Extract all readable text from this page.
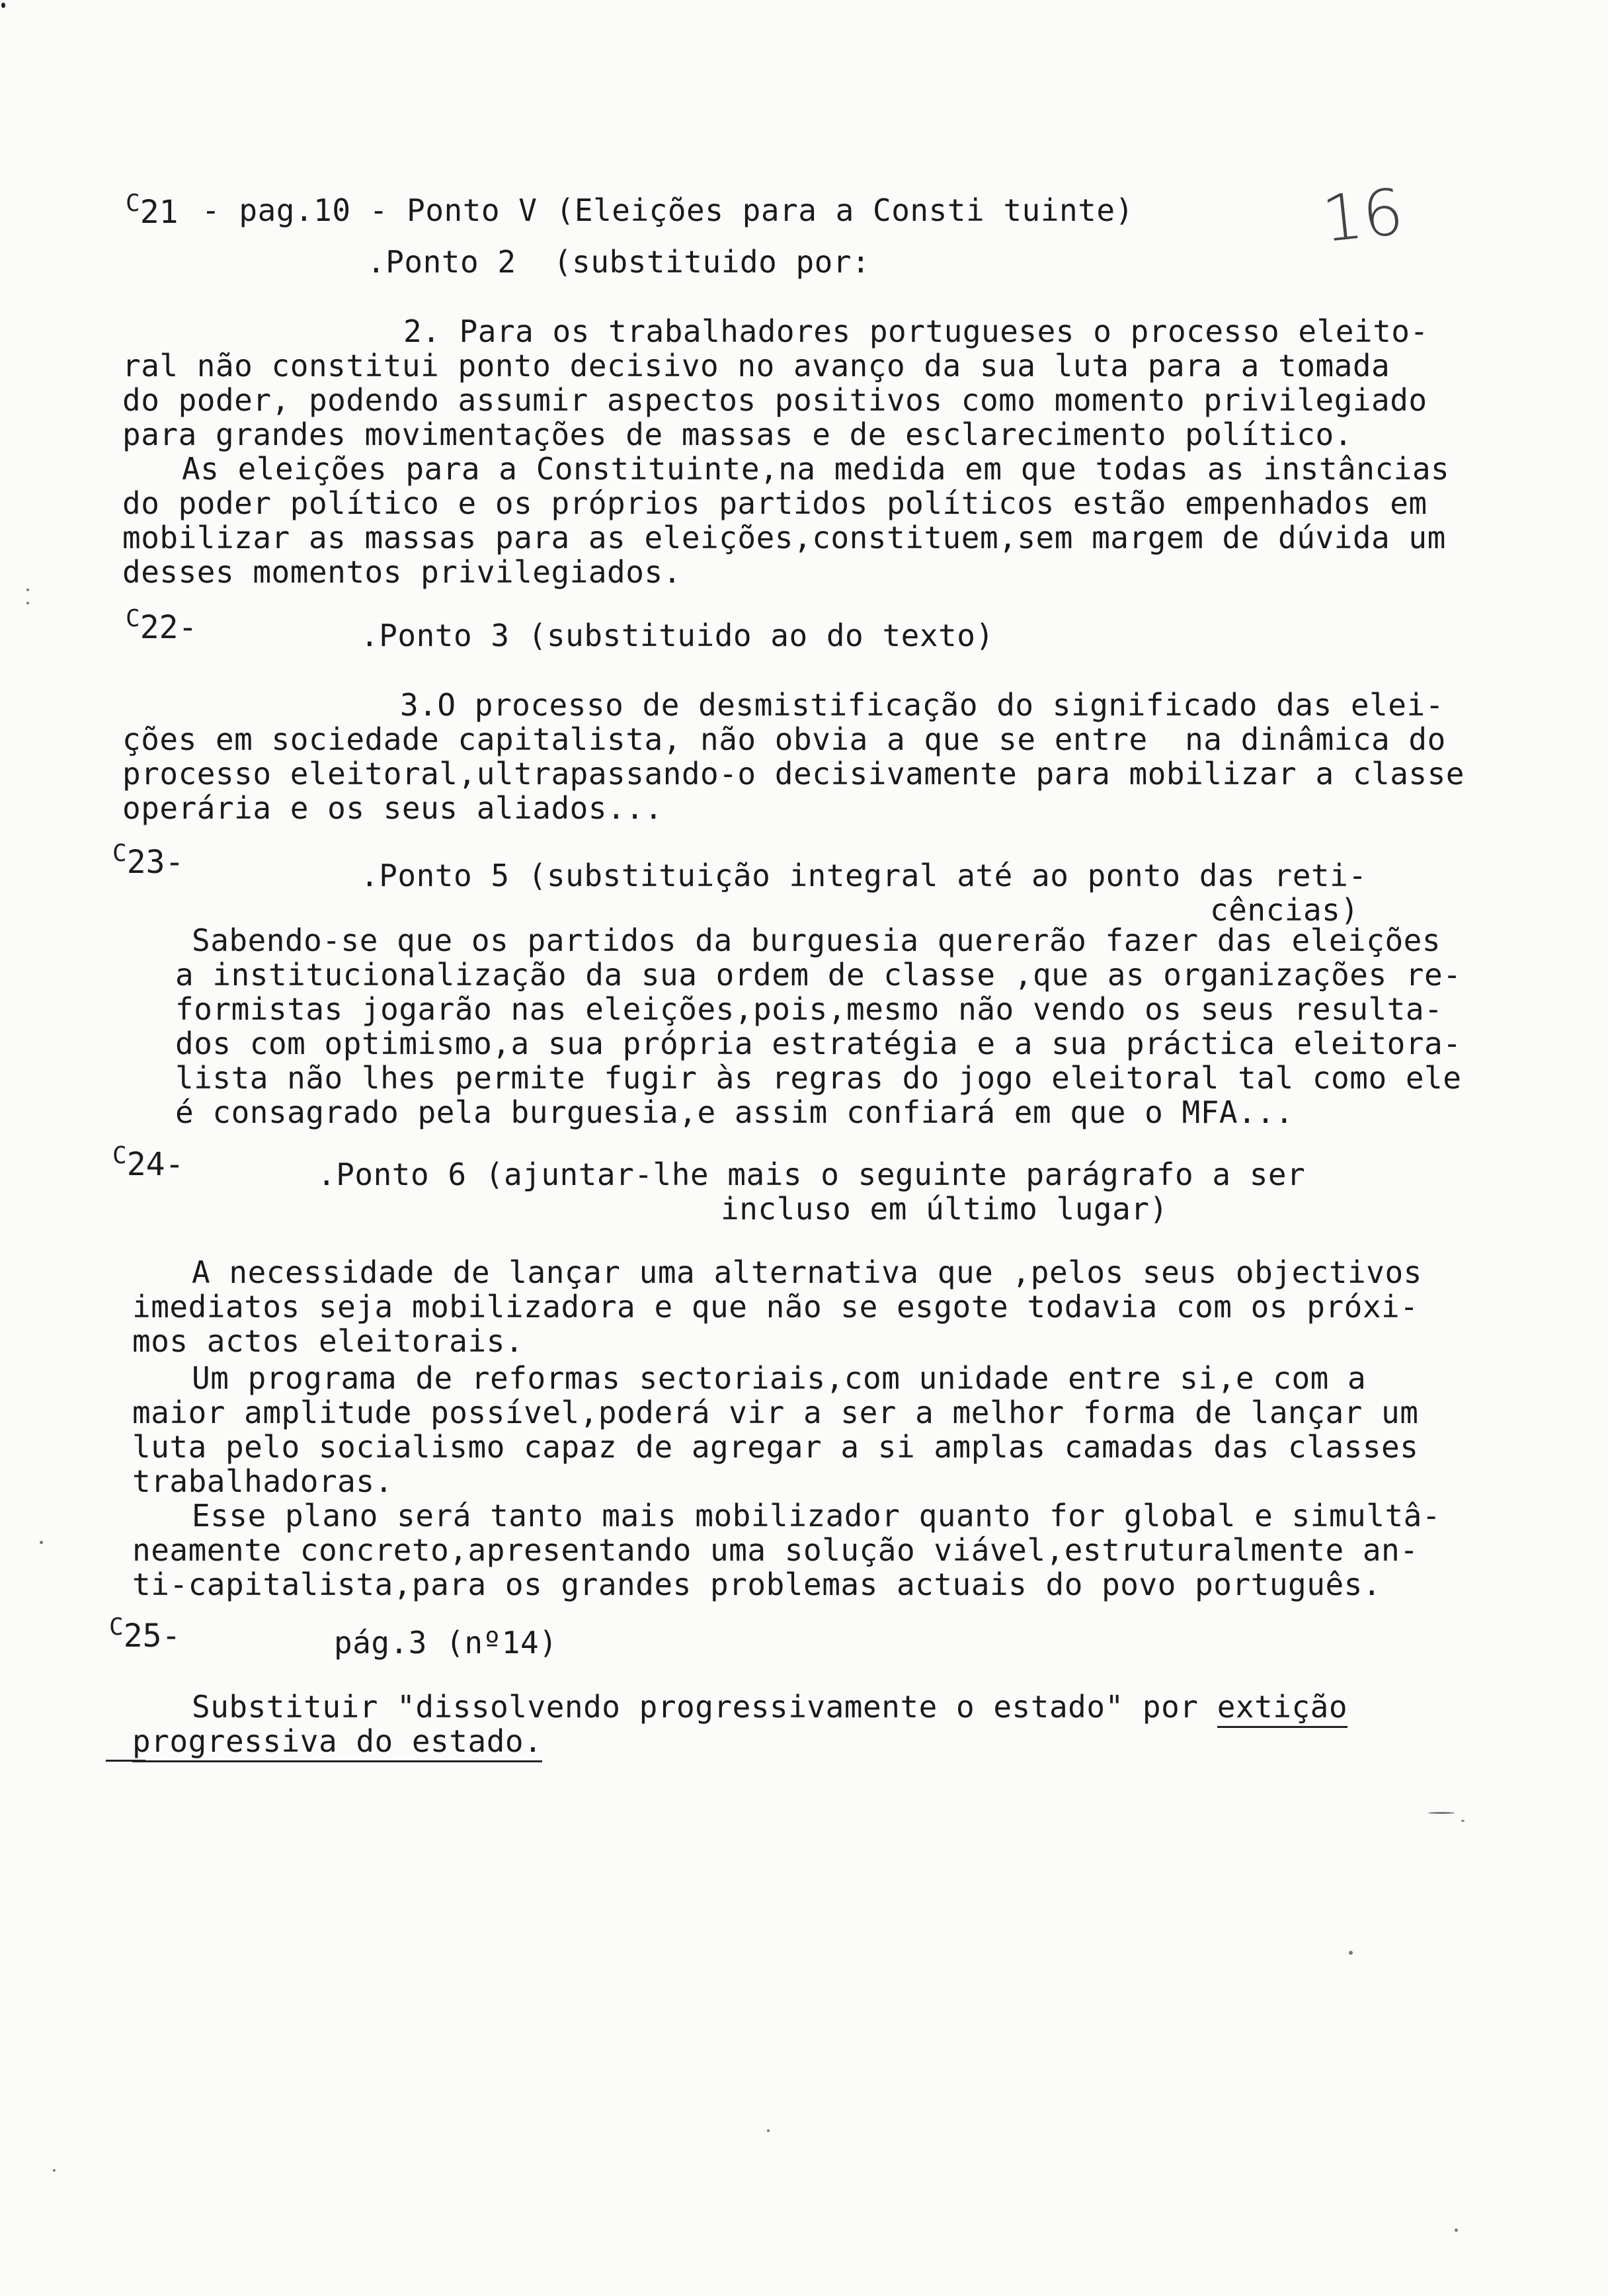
16
$^C$21 - pag.10 - Ponto V (Eleições para a Consti tuinte)
.Ponto 2  (substituido por:
2. Para os trabalhadores portugueses o processo eleito-
ral não constitui ponto decisivo no avanço da sua luta para a tomada
do poder, podendo assumir aspectos positivos como momento privilegiado
para grandes movimentações de massas e de esclarecimento político.
As eleições para a Constituinte,na medida em que todas as instâncias
do poder político e os próprios partidos políticos estão empenhados em
mobilizar as massas para as eleições,constituem,sem margem de dúvida um
desses momentos privilegiados.
$^C$22-	.Ponto 3 (substituido ao do texto)
3.O processo de desmistificação do significado das elei-
ções em sociedade capitalista, não obvia a que se entre  na dinâmica do
processo eleitoral,ultrapassando-o decisivamente para mobilizar a classe
operária e os seus aliados...
$^C$23-	.Ponto 5 (substituição integral até ao ponto das reti-
cências)
Sabendo-se que os partidos da burguesia quererão fazer das eleições
a institucionalização da sua ordem de classe ,que as organizações re-
formistas jogarão nas eleições,pois,mesmo não vendo os seus resulta-
dos com optimismo,a sua própria estratégia e a sua práctica eleitora-
lista não lhes permite fugir às regras do jogo eleitoral tal como ele
é consagrado pela burguesia,e assim confiará em que o MFA...
$^C$24-	.Ponto 6 (ajuntar-lhe mais o seguinte parágrafo a ser
incluso em último lugar)
A necessidade de lançar uma alternativa que ,pelos seus objectivos
imediatos seja mobilizadora e que não se esgote todavia com os próxi-
mos actos eleitorais.
Um programa de reformas sectoriais,com unidade entre si,e com a
maior amplitude possível,poderá vir a ser a melhor forma de lançar um
luta pelo socialismo capaz de agregar a si amplas camadas das classes
trabalhadoras.
Esse plano será tanto mais mobilizador quanto for global e simultâ-
neamente concreto,apresentando uma solução viável,estruturalmente an-
ti-capitalista,para os grandes problemas actuais do povo português.
$^C$25-	pág.3 (nº14)
Substituir "dissolvendo progressivamente o estado" por extição
progressiva do estado.
